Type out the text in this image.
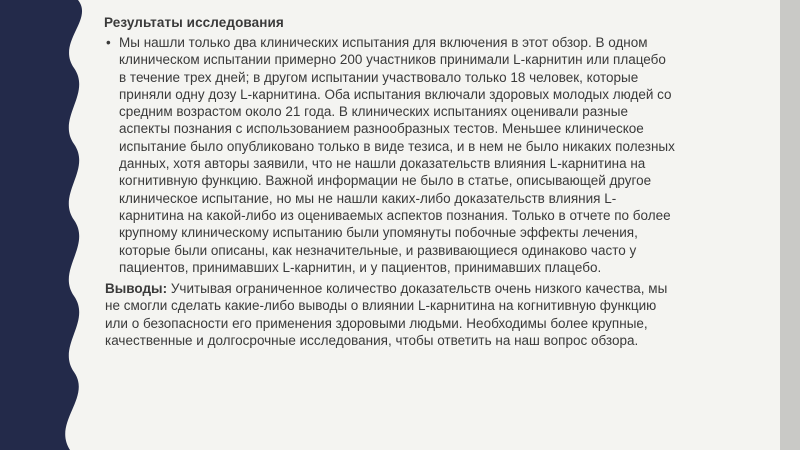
Результаты исследования
• Мы нашли только два клинических испытания для включения в этот обзор. В одном клиническом испытании примерно 200 участников принимали L-карнитин или плацебо в течение трех дней; в другом испытании участвовало только 18 человек, которые приняли одну дозу L-карнитина. Оба испытания включали здоровых молодых людей со средним возрастом около 21 года. В клинических испытаниях оценивали разные аспекты познания с использованием разнообразных тестов. Меньшее клиническое испытание было опубликовано только в виде тезиса, и в нем не было никаких полезных данных, хотя авторы заявили, что не нашли доказательств влияния L-карнитина на когнитивную функцию. Важной информации не было в статье, описывающей другое клиническое испытание, но мы не нашли каких-либо доказательств влияния L-карнитина на какой-либо из оцениваемых аспектов познания. Только в отчете по более крупному клиническому испытанию были упомянуты побочные эффекты лечения, которые были описаны, как незначительные, и развивающиеся одинаково часто у пациентов, принимавших L-карнитин, и у пациентов, принимавших плацебо.

Выводы: Учитывая ограниченное количество доказательств очень низкого качества, мы не смогли сделать какие-либо выводы о влиянии L-карнитина на когнитивную функцию или о безопасности его применения здоровыми людьми. Необходимы более крупные, качественные и долгосрочные исследования, чтобы ответить на наш вопрос обзора.
